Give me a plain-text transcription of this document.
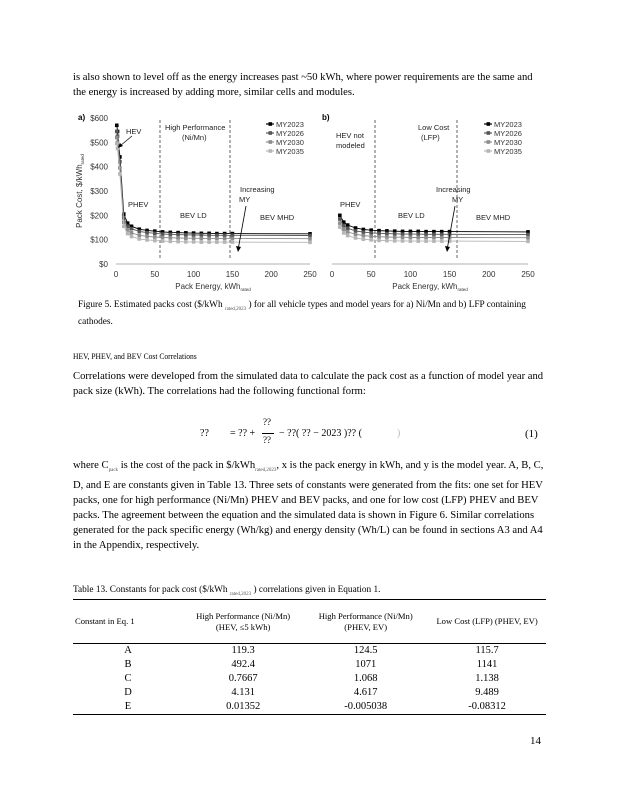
is also shown to level off as the energy increases past ~50 kWh, where power requirements are the same and the energy is increased by adding more, similar cells and modules.
a)
0	50	100	150	200	250
Pack Energy, kWh$_{rated}$
$0
$100
$200
$300
$400
$500
$600
Pack Cost, $/kWh$_{rated}$
MY2023
MY2026
MY2030
MY2035
HEV	High Performance
(Ni/Mn)
PHEV
BEV LD	BEV MHD
Increasing
MY
b)
0	50	100	150	200	250
Pack Energy, kWh$_{rated}$
MY2023
MY2026
MY2030
MY2035
HEV not
modeled
Low Cost
(LFP)
PHEV
BEV LD	BEV MHD
Increasing
MY
Figure 5. Estimated packs cost ($/kWh $_{rated,2023}$ ) for all vehicle types and model years for a) Ni/Mn and b) LFP containing cathodes.
HEV, PHEV, and BEV Cost Correlations
Correlations were developed from the simulated data to calculate the pack cost as a function of model year and pack size (kWh). The correlations had the following functional form:
?? = ?? +
??
??
− ??( ?? − 2023 )?? (	)	(1)
where $C_{pack}$ is the cost of the pack in $/kWh$_{rated,2023}$, x is the pack energy in kWh, and y is the model year. A, B, C, D, and E are constants given in Table 13. Three sets of constants were generated from the fits: one set for HEV packs, one for high performance (Ni/Mn) PHEV and BEV packs, and one for low cost (LFP) PHEV and BEV packs. The agreement between the equation and the simulated data is shown in Figure 6. Similar correlations generated for the pack specific energy (Wh/kg) and energy density (Wh/L) can be found in sections A3 and A4 in the Appendix, respectively.
Table 13. Constants for pack cost ($/kWh $_{rated,2023}$ ) correlations given in Equation 1.
Constant in Eq. 1	High Performance (Ni/Mn) (HEV, ≤5 kWh)	High Performance (Ni/Mn) (PHEV, EV)	Low Cost (LFP) (PHEV, EV)
A	119.3	124.5	115.7
B	492.4	1071	1141
C	0.7667	1.068	1.138
D	4.131	4.617	9.489
E	0.01352	-0.005038	-0.08312
14
